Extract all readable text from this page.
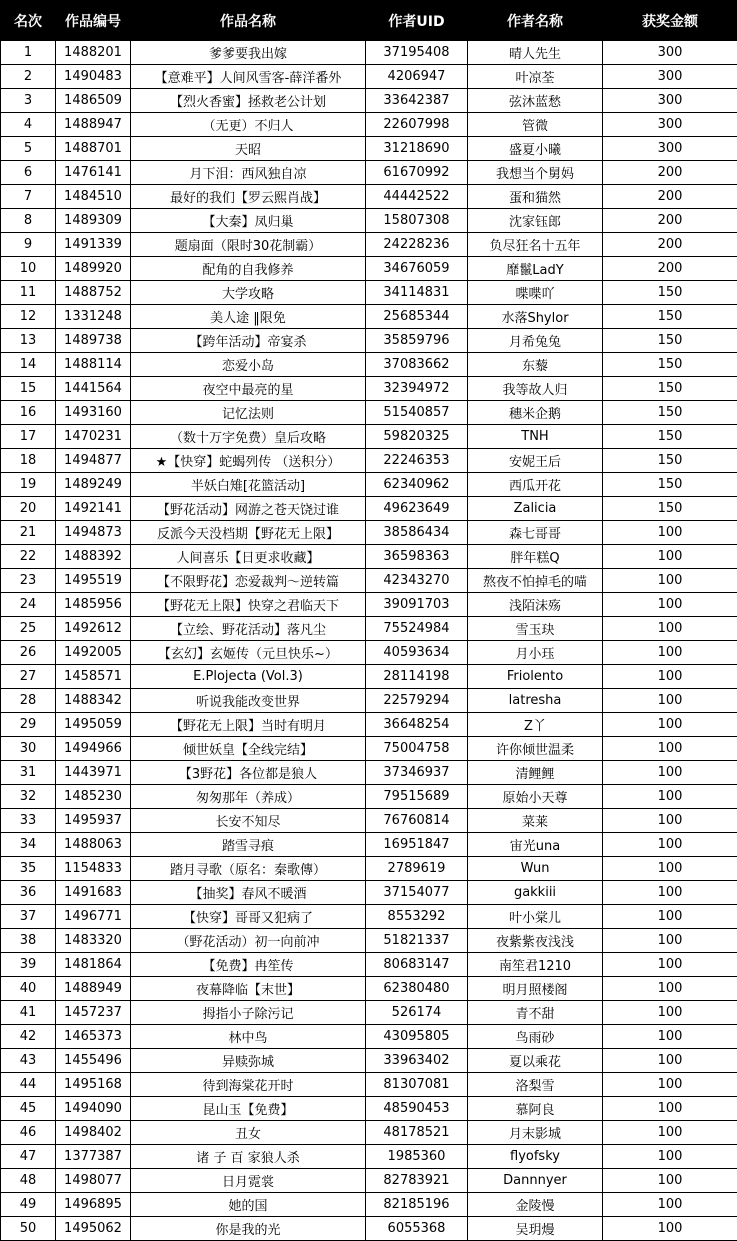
名次	作品编号	作品名称	作者UID	作者名称	获奖金额
1	1488201	爹爹要我出嫁	37195408	晴人先生	300
2	1490483	【意难平】人间风雪客-薛洋番外	4206947	叶凉荃	300
3	1486509	【烈火香蜜】拯救老公计划	33642387	弦沐蓝愁	300
4	1488947	（无更）不归人	22607998	管微	300
5	1488701	天昭	31218690	盛夏小曦	300
6	1476141	月下泪：西风独自凉	61670992	我想当个舅妈	200
7	1484510	最好的我们【罗云熙肖战】	44442522	蛋和猫然	200
8	1489309	【大秦】凤归巢	15807308	沈家钰郎	200
9	1491339	题扇面（限时30花制霸）	24228236	负尽狂名十五年	200
10	1489920	配角的自我修养	34676059	靡鬣LadY	200
11	1488752	大学攻略	34114831	喋喋吖	150
12	1331248	美人途 ‖限免	25685344	水落Shylor	150
13	1489738	【跨年活动】帝宴杀	35859796	月希兔兔	150
14	1488114	恋爱小岛	37083662	东藜	150
15	1441564	夜空中最亮的星	32394972	我等故人归	150
16	1493160	记忆法则	51540857	穗米企鹅	150
17	1470231	（数十万字免费）皇后攻略	59820325	TNH	150
18	1494877	★【快穿】蛇蝎列传 （送积分）	22246353	安妮王后	150
19	1489249	半妖白雉[花篮活动]	62340962	西瓜开花	150
20	1492141	【野花活动】网游之苍天饶过谁	49623649	Zalicia	150
21	1494873	反派今天没档期【野花无上限】	38586434	森七哥哥	100
22	1488392	人间喜乐【日更求收藏】	36598363	胖年糕Q	100
23	1495519	【不限野花】恋爱裁判～逆转篇	42343270	熬夜不怕掉毛的喵	100
24	1485956	【野花无上限】快穿之君临天下	39091703	浅陌沫殇	100
25	1492612	【立绘、野花活动】落凡尘	75524984	雪玉玦	100
26	1492005	【玄幻】玄姬传（元旦快乐~）	40593634	月小珏	100
27	1458571	E.Plojecta (Vol.3)	28114198	Friolento	100
28	1488342	听说我能改变世界	22579294	latresha	100
29	1495059	【野花无上限】当时有明月	36648254	Z丫	100
30	1494966	倾世妖皇【全线完结】	75004758	许你倾世温柔	100
31	1443971	【3野花】各位都是狼人	37346937	清鲤鲤	100
32	1485230	匆匆那年（养成）	79515689	原始小天尊	100
33	1495937	长安不知尽	76760814	菜莱	100
34	1488063	踏雪寻痕	16951847	宙光una	100
35	1154833	踏月寻歌（原名：秦歌傳）	2789619	Wun	100
36	1491683	【抽奖】春风不暖酒	37154077	gakkiii	100
37	1496771	【快穿】哥哥又犯病了	8553292	叶小棠儿	100
38	1483320	（野花活动）初一向前冲	51821337	夜紫紫夜浅浅	100
39	1481864	【免费】冉笙传	80683147	南笙君1210	100
40	1488949	夜幕降临【末世】	62380480	明月照楼阁	100
41	1457237	拇指小子除污记	526174	青不甜	100
42	1465373	林中鸟	43095805	鸟雨砂	100
43	1455496	异赎弥城	33963402	夏以乘花	100
44	1495168	待到海棠花开时	81307081	洛梨雪	100
45	1494090	昆山玉【免费】	48590453	慕阿良	100
46	1498402	丑女	48178521	月末影城	100
47	1377387	诸 子 百 家狼人杀	1985360	flyofsky	100
48	1498077	日月霓裳	82783921	Dannnyer	100
49	1496895	她的国	82185196	金陵慢	100
50	1495062	你是我的光	6055368	吴玥熳	100
